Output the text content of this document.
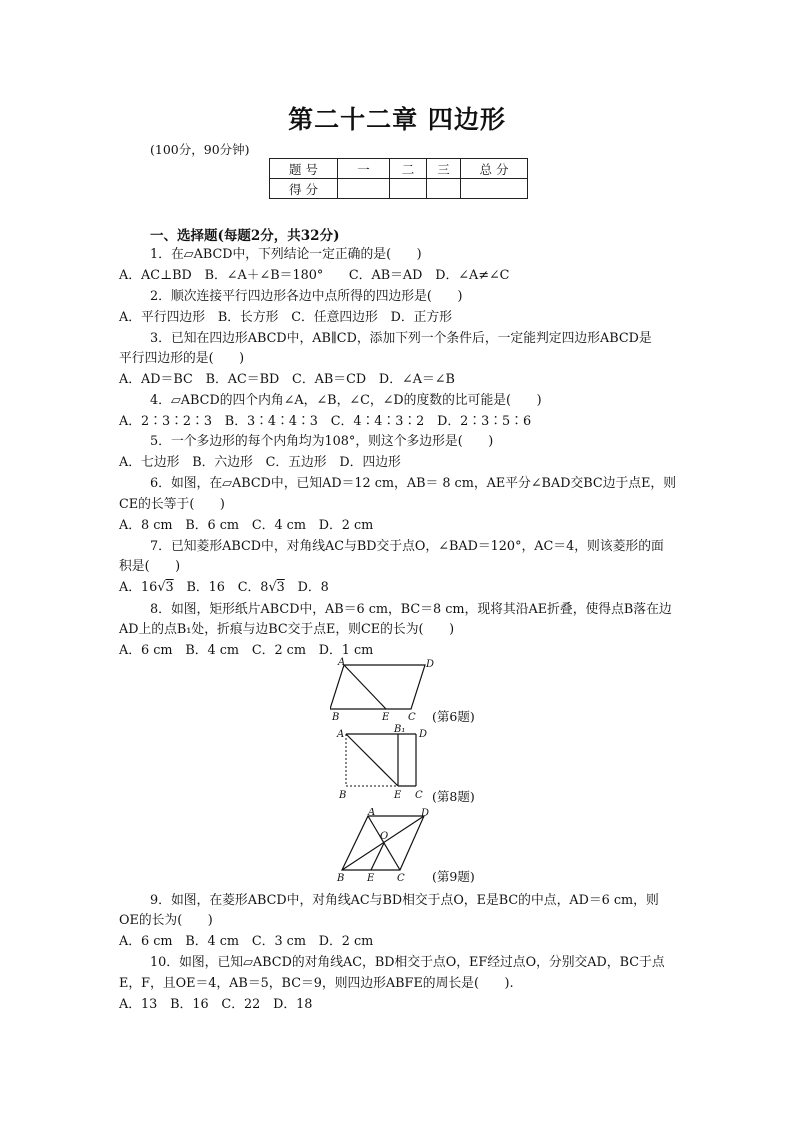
第二十二章 四边形
(100分，90分钟)
题 号	一	二	三	总 分
得 分				
一、选择题(每题2分，共32分)
1．在▱ABCD中，下列结论一定正确的是(　　)
A．AC⊥BD　B．∠A＋∠B＝180°　　C．AB＝AD　D．∠A≠∠C
2．顺次连接平行四边形各边中点所得的四边形是(　　)
A．平行四边形　B．长方形　C．任意四边形　D．正方形
3．已知在四边形ABCD中，AB∥CD，添加下列一个条件后，一定能判定四边形ABCD是
平行四边形的是(　　)
A．AD＝BC　B．AC＝BD　C．AB＝CD　D．∠A＝∠B
4．▱ABCD的四个内角∠A，∠B，∠C，∠D的度数的比可能是(　　)
A．2∶3∶2∶3　B．3∶4∶4∶3　C．4∶4∶3∶2　D．2∶3∶5∶6
5．一个多边形的每个内角均为108°，则这个多边形是(　　)
A．七边形　B．六边形　C．五边形　D．四边形
6．如图，在▱ABCD中，已知AD＝12 cm，AB＝ 8 cm，AE平分∠BAD交BC边于点E，则
CE的长等于(　　)
A．8 cm　B．6 cm　C．4 cm　D．2 cm
7．已知菱形ABCD中，对角线AC与BD交于点O，∠BAD＝120°，AC＝4，则该菱形的面
积是(　　)
A．16√3　 B．16　C．8√3　 D．8
8．如图，矩形纸片ABCD中，AB＝6 cm，BC＝8 cm，现将其沿AE折叠，使得点B落在边
AD上的点B₁处，折痕与边BC交于点E，则CE的长为(　　)
A．6 cm　B．4 cm　C．2 cm　D．1 cm
A	D
B	E C (第6题)
A	B₁ D
B	E C (第8题)
A	D
O
B E C (第9题)
9．如图，在菱形ABCD中，对角线AC与BD相交于点O，E是BC的中点，AD＝6 cm，则
OE的长为(　　)
A．6 cm　B．4 cm　C．3 cm　D．2 cm
10．如图，已知▱ABCD的对角线AC，BD相交于点O，EF经过点O，分别交AD，BC于点
E，F，且OE＝4，AB＝5，BC＝9，则四边形ABFE的周长是(　　).
A．13　B．16　C．22　D．18
